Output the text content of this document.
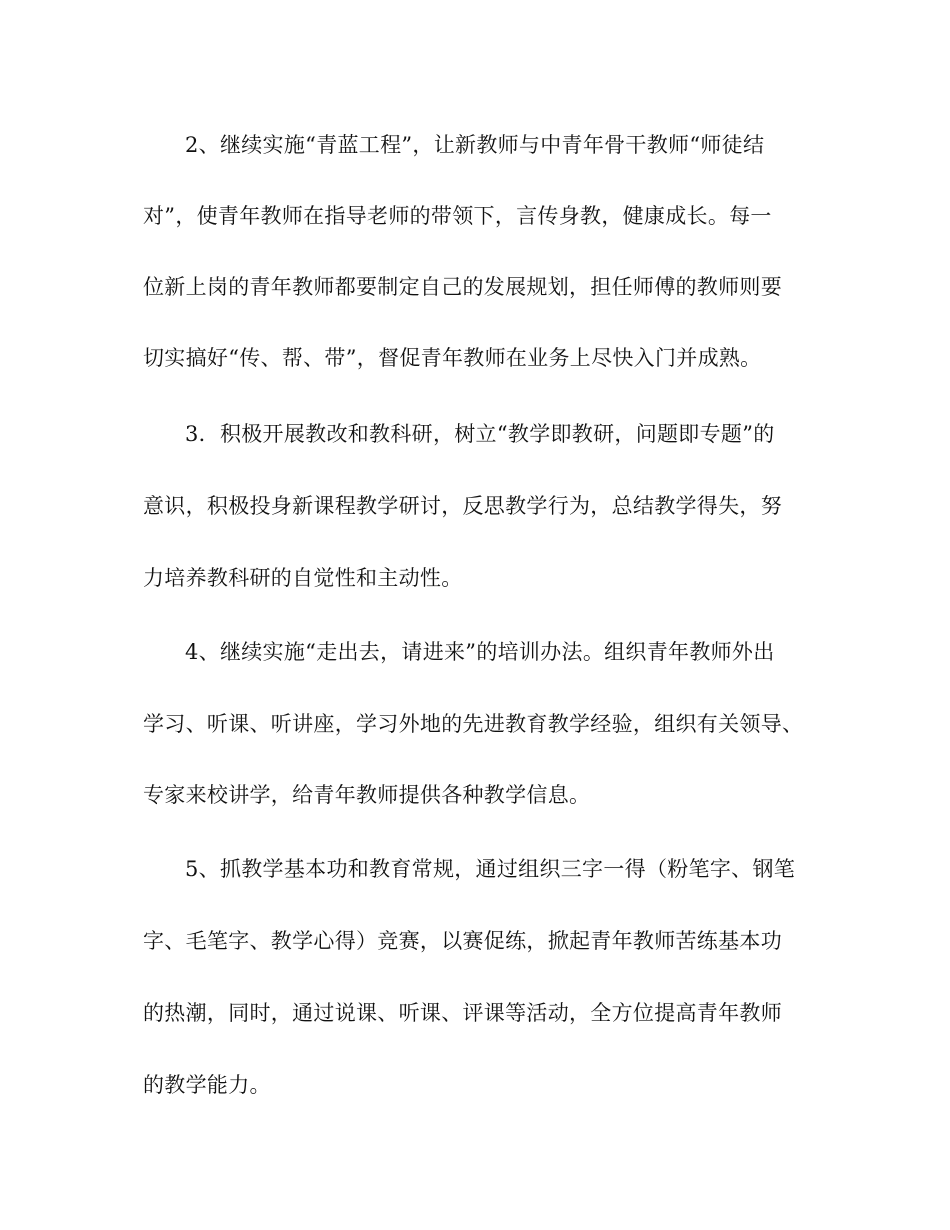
2、继续实施“青蓝工程”，让新教师与中青年骨干教师“师徒结
对”，使青年教师在指导老师的带领下，言传身教，健康成长。每一
位新上岗的青年教师都要制定自己的发展规划，担任师傅的教师则要
切实搞好“传、帮、带”，督促青年教师在业务上尽快入门并成熟。
3．积极开展教改和教科研，树立“教学即教研，问题即专题”的
意识，积极投身新课程教学研讨，反思教学行为，总结教学得失，努
力培养教科研的自觉性和主动性。
4、继续实施“走出去，请进来”的培训办法。组织青年教师外出
学习、听课、听讲座，学习外地的先进教育教学经验，组织有关领导、
专家来校讲学，给青年教师提供各种教学信息。
5、抓教学基本功和教育常规，通过组织三字一得（粉笔字、钢笔
字、毛笔字、教学心得）竞赛，以赛促练，掀起青年教师苦练基本功
的热潮，同时，通过说课、听课、评课等活动，全方位提高青年教师
的教学能力。
